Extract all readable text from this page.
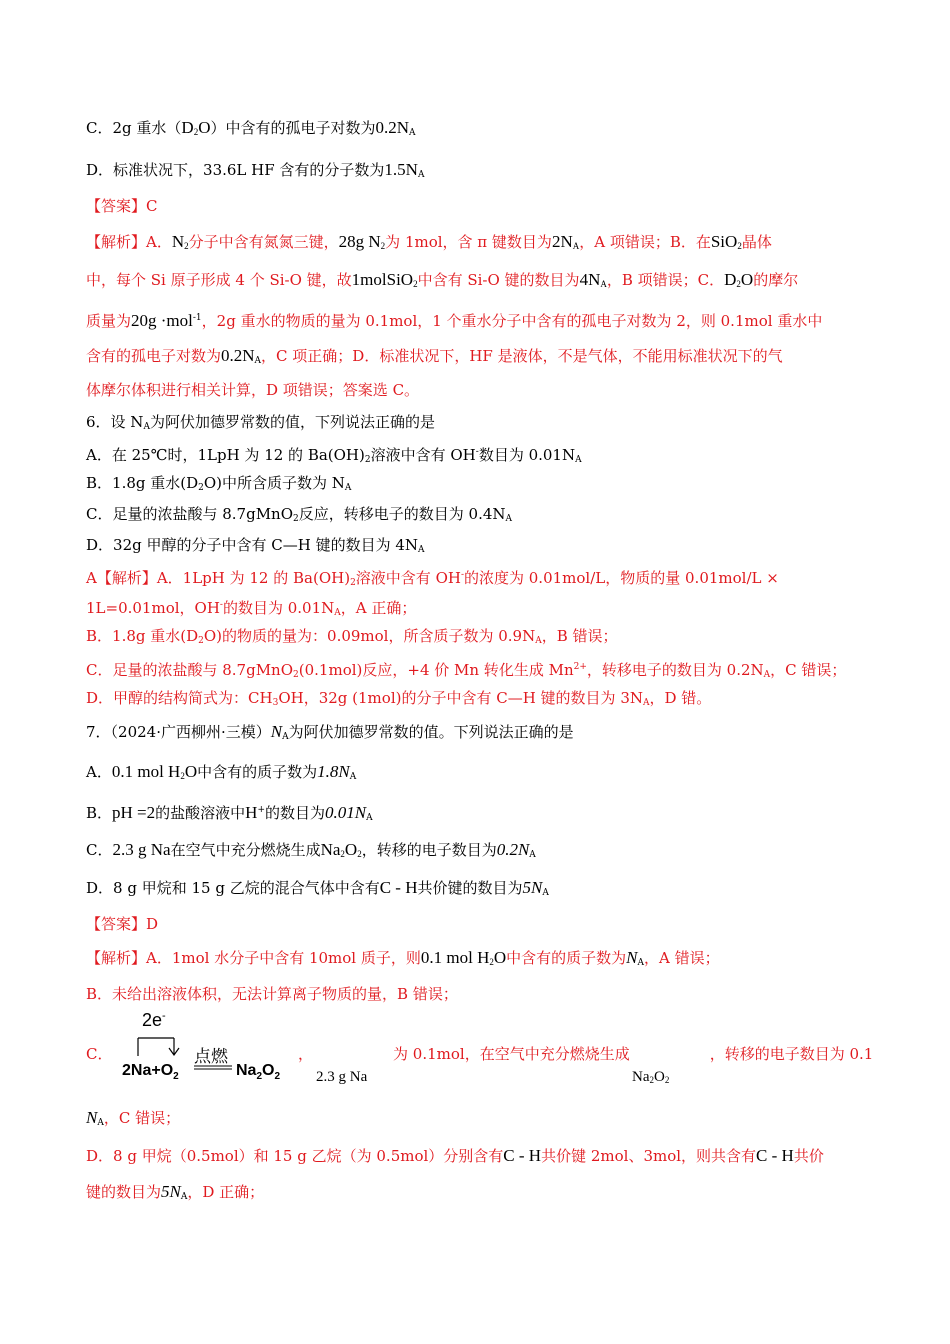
C．2g 重水$(D_2O)$中含有的孤电子对数为$0.2N_A$
D．标准状况下，33.6L HF 含有的分子数为$1.5N_A$
【答案】C
【解析】A．$N_2$分子中含有氮氮三键，28g $N_2$为 1mol，含 π 键数目为$2N_A$，A 项错误；B．在SiO$_2$晶体
中，每个 Si 原子形成 4 个 Si-O 键，故1molSiO$_2$中含有 Si-O 键的数目为$4N_A$，B 项错误；C．$D_2O$的摩尔
质量为20g ·mol$^{-1}$，2g 重水的物质的量为 0.1mol，1 个重水分子中含有的孤电子对数为 2，则 0.1mol 重水中
含有的孤电子对数为$0.2N_A$，C 项正确；D．标准状况下，HF 是液体，不是气体，不能用标准状况下的气
体摩尔体积进行相关计算，D 项错误；答案选 C。
6．设 $N_A$为阿伏加德罗常数的值，下列说法正确的是
A．在 25℃时，1LpH 为 12 的 $Ba(OH)_2$溶液中含有 OH-数目为 $0.01N_A$
B．1.8g 重水$(D_2O)$中所含质子数为 $N_A$
C．足量的浓盐酸与 8.7gMnO$_2$反应，转移电子的数目为 $0.4N_A$
D．32g 甲醇的分子中含有 C—H 键的数目为 $4N_A$
A【解析】A．1LpH 为 12 的 $Ba(OH)_2$溶液中含有 OH-的浓度为 0.01mol/L，物质的量 0.01mol/L ×
1L=0.01mol，OH-的数目为 $0.01N_A$，A 正确；
B．1.8g 重水$(D_2O)$的物质的量为：0.09mol，所含质子数为 $0.9N_A$，B 错误；
C．足量的浓盐酸与 8.7gMnO$_2$(0.1mol)反应，+4 价 Mn 转化生成 $Mn^{2+}$，转移电子的数目为 $0.2N_A$，C 错误；
D．甲醇的结构简式为：$CH_3OH$，32g (1mol)的分子中含有 C—H 键的数目为 $3N_A$，D 错。
7．（2024·广西柳州·三模）$N_A$为阿伏加德罗常数的值。下列说法正确的是
A．0.1 mol $H_2O$中含有的质子数为$1.8N_A$
B．pH =2的盐酸溶液中H+的数目为$0.01N_A$
C．2.3 g Na在空气中充分燃烧生成$Na_2O_2$，转移的电子数目为$0.2N_A$
D．8 g 甲烷和 15 g 乙烷的混合气体中含有C - H共价键的数目为$5N_A$
【答案】D
【解析】A．1mol 水分子中含有 10mol 质子，则0.1 mol $H_2O$中含有的质子数为$N_A$，A 错误；
B．未给出溶液体积，无法计算离子物质的量，B 错误；
C．	，	为 0.1mol，在空气中充分燃烧生成	，转移的电子数目为 0.1
2.3 g Na	$Na_2O_2$
2e-
点燃
$2Na+O_2$	$Na_2O_2$
$N_A$，C 错误；
D．8 g 甲烷（0.5mol）和 15 g 乙烷（为 0.5mol）分别含有C - H共价键 2mol、3mol，则共含有C - H共价
键的数目为$5N_A$，D 正确；
